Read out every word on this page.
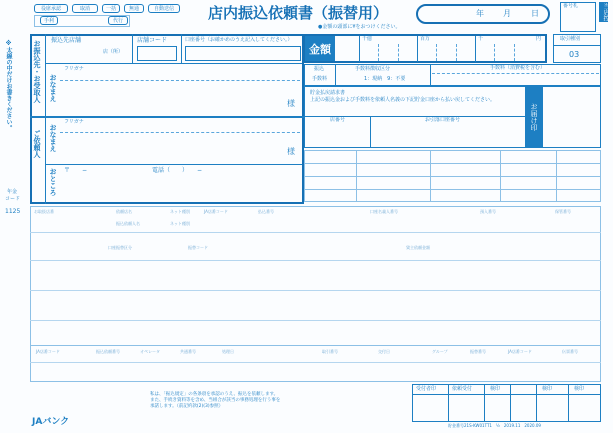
役席承認	取消	一括	無通	自動送信
手利	代行	店内振込依頼書（振替用）
●金額の頭部に¥をおつけください。
年 月	日
番号札	当店控
※太線の中だけお書きください。
年金
コード
1125
お振込先・お受取人 振込先店舗
店（所）
店舗コード	口座番号（お確かめのうえ記入してください。）
フリガナ
おなまえ
様
ご依頼人
フリガナ
おなまえ	様
おところ 〒　　−	電話（　　）　　−
金額
千億	百万	千	円	取引種別
03
振込
手数料
手数料徴収区分
1：現納　9：不要
手数料（消費税を含む）
貯金払戻請求書
上記の振込金および手数料を依頼人名義の下記貯金口座から払い戻してください。
お
届
け
印
店番号	お引落口座番号
お取扱店番	依頼店名	ネット種別	JA店番コード	払込番号	口座名義人番号	預入番号	保管番号
振込依頼人名	ネット種別
口座振替区分	振替コード	貸主依頼金額
JA店番コード	振込依頼番号	オペレータ	共通番号	処理日	取引番号	交付日	グループ	振替番号	JA店番コード	伝票番号
私は、「振込規定」の各条項を承認のうえ、振込を依頼します。
また、手続き資料等を含め、当組合が該当の事務処理を行う事を
承諾します。（前記約款(2)(3)参照）
受付者印	依頼受付	検印	検印	検印
貯金番号21S-KW01TT1　½　2019.11　2020.09
JAバンク
